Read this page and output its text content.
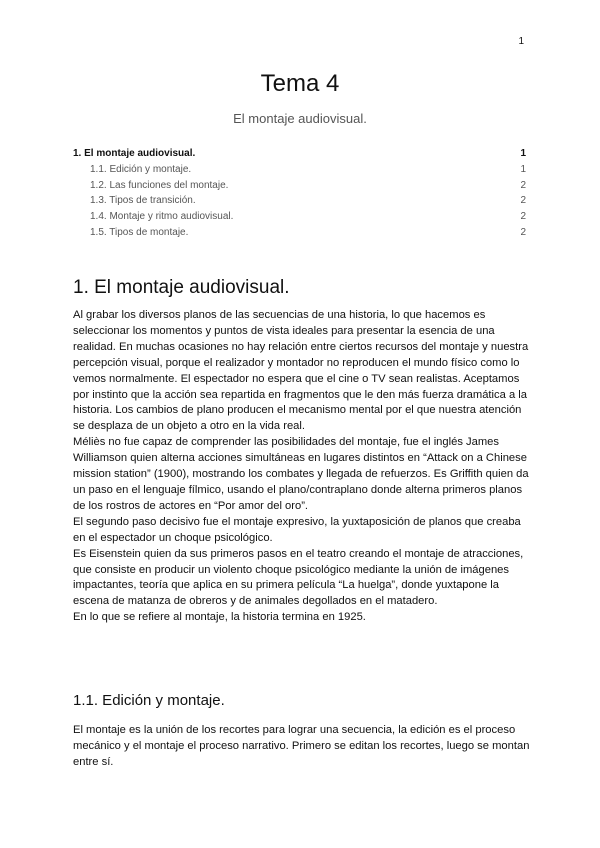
1
Tema 4
El montaje audiovisual.
1. El montaje audiovisual.	1
1.1. Edición y montaje.	1
1.2. Las funciones del montaje.	2
1.3. Tipos de transición.	2
1.4. Montaje y ritmo audiovisual.	2
1.5. Tipos de montaje.	2
1. El montaje audiovisual.

Al grabar los diversos planos de las secuencias de una historia, lo que hacemos es seleccionar los momentos y puntos de vista ideales para presentar la esencia de una realidad. En muchas ocasiones no hay relación entre ciertos recursos del montaje y nuestra percepción visual, porque el realizador y montador no reproducen el mundo físico como lo vemos normalmente. El espectador no espera que el cine o TV sean realistas. Aceptamos por instinto que la acción sea repartida en fragmentos que le den más fuerza dramática a la historia. Los cambios de plano producen el mecanismo mental por el que nuestra atención se desplaza de un objeto a otro en la vida real.

Méliès no fue capaz de comprender las posibilidades del montaje, fue el inglés James Williamson quien alterna acciones simultáneas en lugares distintos en “Attack on a Chinese mission station” (1900), mostrando los combates y llegada de refuerzos. Es Griffith quien da un paso en el lenguaje fílmico, usando el plano/contraplano donde alterna primeros planos de los rostros de actores en “Por amor del oro”.

El segundo paso decisivo fue el montaje expresivo, la yuxtaposición de planos que creaba en el espectador un choque psicológico.

Es Eisenstein quien da sus primeros pasos en el teatro creando el montaje de atracciones, que consiste en producir un violento choque psicológico mediante la unión de imágenes impactantes, teoría que aplica en su primera película “La huelga”, donde yuxtapone la escena de matanza de obreros y de animales degollados en el matadero.

En lo que se refiere al montaje, la historia termina en 1925.

1.1. Edición y montaje.

El montaje es la unión de los recortes para lograr una secuencia, la edición es el proceso mecánico y el montaje el proceso narrativo. Primero se editan los recortes, luego se montan entre sí.
